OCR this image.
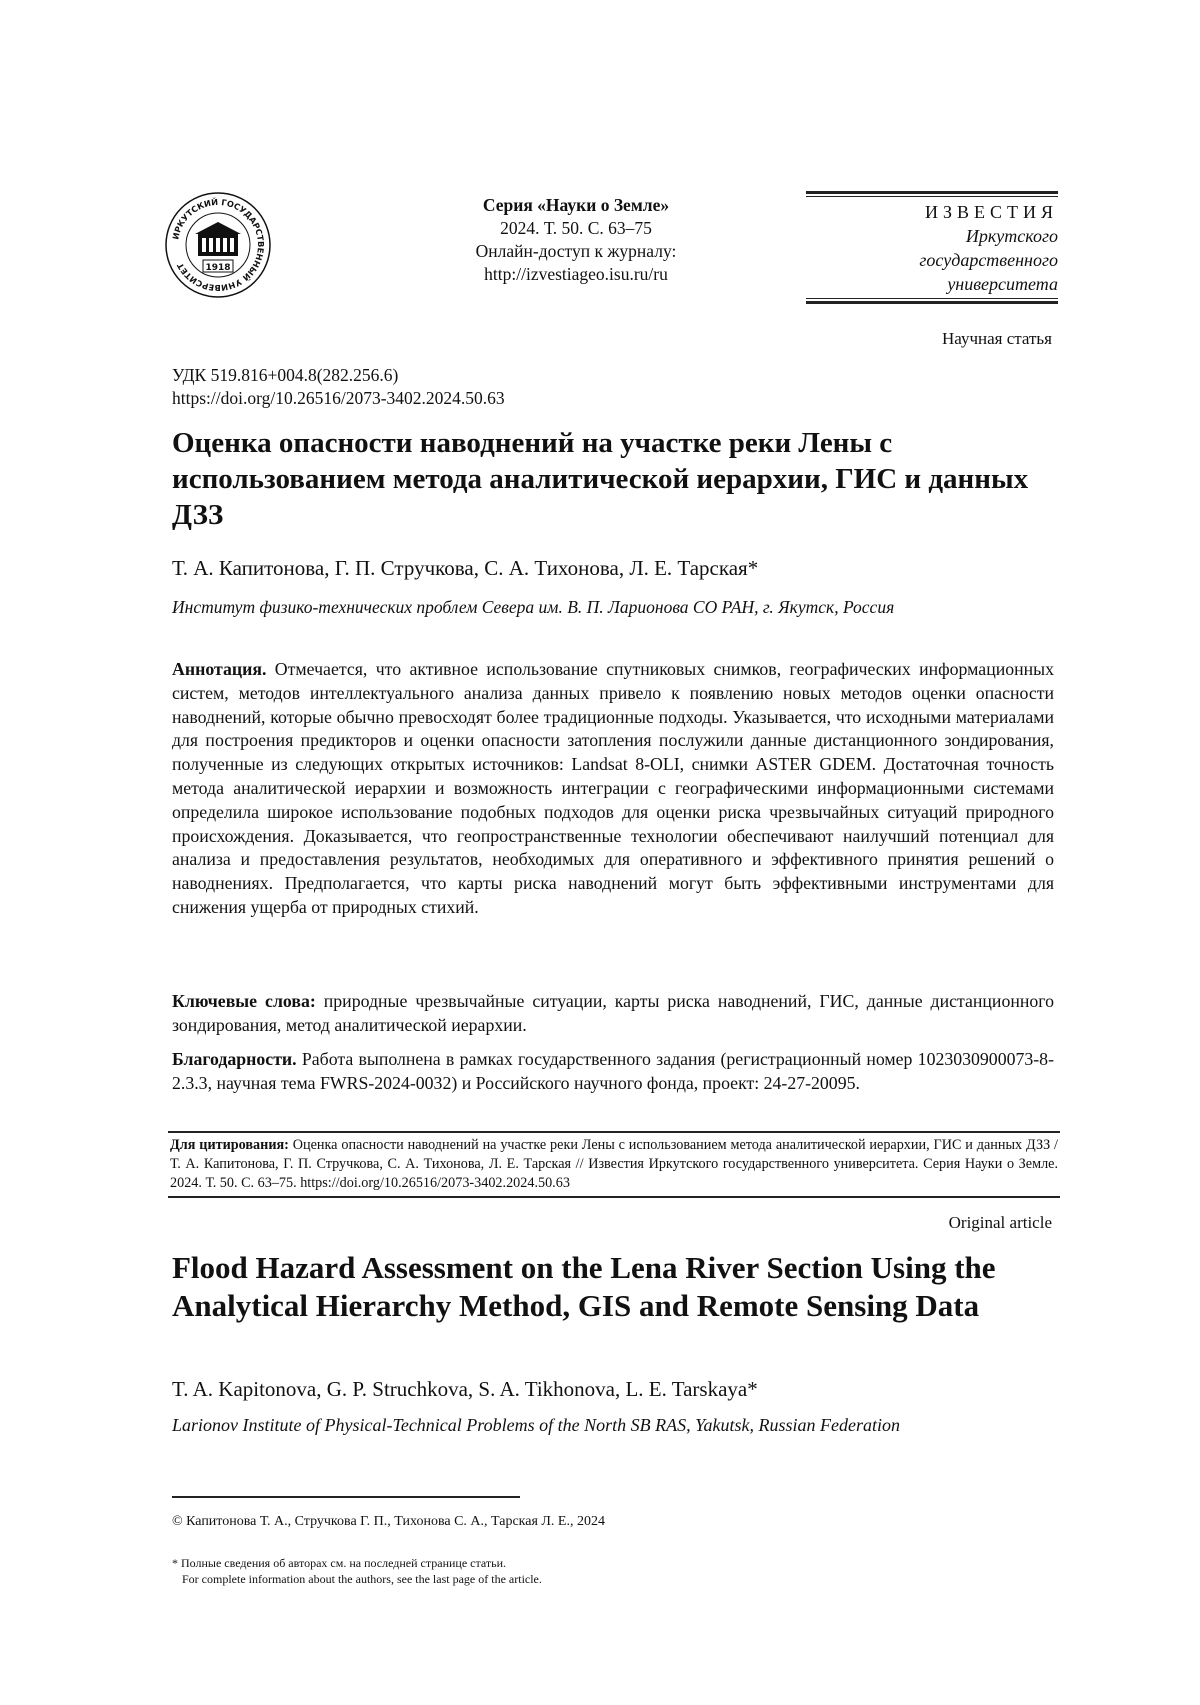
ИРКУТСКИЙ ГОСУДАРСТВЕННЫЙ УНИВЕРСИТЕТ	1918
Серия «Науки о Земле»
2024. Т. 50. С. 63–75
Онлайн-доступ к журналу:
http://izvestiageo.isu.ru/ru
ИЗВЕСТИЯ
Иркутского
государственного
университета
Научная статья
УДК 519.816+004.8(282.256.6)
https://doi.org/10.26516/2073-3402.2024.50.63
Оценка опасности наводнений на участке реки Лены с использованием метода аналитической иерархии, ГИС и данных ДЗЗ
Т. А. Капитонова, Г. П. Стручкова, С. А. Тихонова, Л. Е. Тарская*
Институт физико-технических проблем Севера им. В. П. Ларионова СО РАН, г. Якутск, Россия
Аннотация. Отмечается, что активное использование спутниковых снимков, географических информационных систем, методов интеллектуального анализа данных привело к появлению новых методов оценки опасности наводнений, которые обычно превосходят более традиционные подходы. Указывается, что исходными материалами для построения предикторов и оценки опасности затопления послужили данные дистанционного зондирования, полученные из следующих открытых источников: Landsat 8-OLI, снимки ASTER GDEM. Достаточная точность метода аналитической иерархии и возможность интеграции с географическими информационными системами определила широкое использование подобных подходов для оценки риска чрезвычайных ситуаций природного происхождения. Доказывается, что геопространственные технологии обеспечивают наилучший потенциал для анализа и предоставления результатов, необходимых для оперативного и эффективного принятия решений о наводнениях. Предполагается, что карты риска наводнений могут быть эффективными инструментами для снижения ущерба от природных стихий.
Ключевые слова: природные чрезвычайные ситуации, карты риска наводнений, ГИС, данные дистанционного зондирования, метод аналитической иерархии.
Благодарности. Работа выполнена в рамках государственного задания (регистрационный номер 1023030900073-8-2.3.3, научная тема FWRS-2024-0032) и Российского научного фонда, проект: 24-27-20095.
Для цитирования: Оценка опасности наводнений на участке реки Лены с использованием метода аналитической иерархии, ГИС и данных ДЗЗ / Т. А. Капитонова, Г. П. Стручкова, С. А. Тихонова, Л. Е. Тарская // Известия Иркутского государственного университета. Серия Науки о Земле. 2024. Т. 50. С. 63–75. https://doi.org/10.26516/2073-3402.2024.50.63
Original article
Flood Hazard Assessment on the Lena River Section Using the Analytical Hierarchy Method, GIS and Remote Sensing Data
T. A. Kapitonova, G. P. Struchkova, S. A. Tikhonova, L. E. Tarskaya*
Larionov Institute of Physical-Technical Problems of the North SB RAS, Yakutsk, Russian Federation
© Капитонова Т. А., Стручкова Г. П., Тихонова С. А., Тарская Л. Е., 2024
* Полные сведения об авторах см. на последней странице статьи.
For complete information about the authors, see the last page of the article.
